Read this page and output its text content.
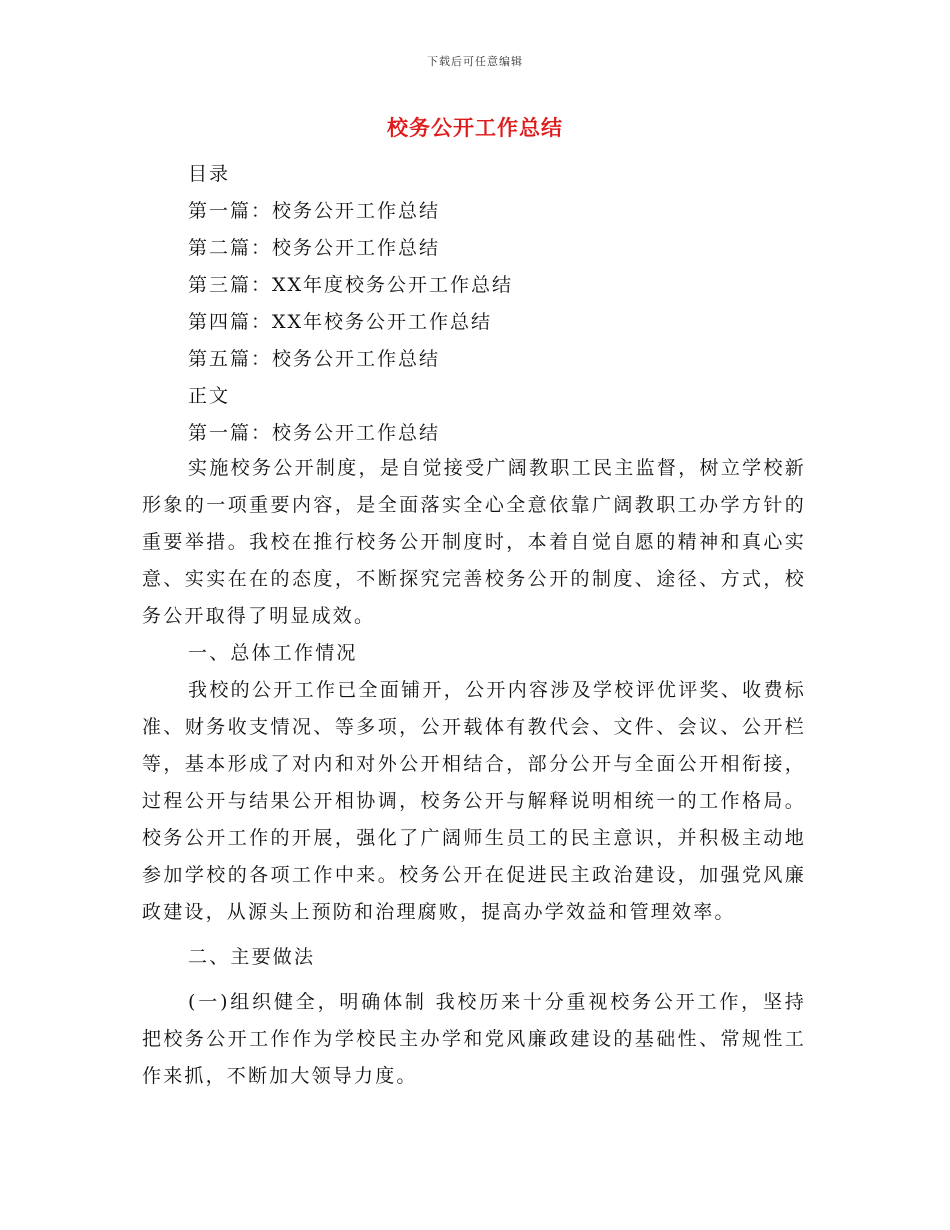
下载后可任意编辑
校务公开工作总结
目录
第一篇：校务公开工作总结
第二篇：校务公开工作总结
第三篇：XX年度校务公开工作总结
第四篇：XX年校务公开工作总结
第五篇：校务公开工作总结
正文
第一篇：校务公开工作总结

实施校务公开制度，是自觉接受广阔教职工民主监督，树立学校新形象的一项重要内容，是全面落实全心全意依靠广阔教职工办学方针的重要举措。我校在推行校务公开制度时，本着自觉自愿的精神和真心实意、实实在在的态度，不断探究完善校务公开的制度、途径、方式，校务公开取得了明显成效。

一、总体工作情况

我校的公开工作已全面铺开，公开内容涉及学校评优评奖、收费标准、财务收支情况、等多项，公开载体有教代会、文件、会议、公开栏等，基本形成了对内和对外公开相结合，部分公开与全面公开相衔接，过程公开与结果公开相协调，校务公开与解释说明相统一的工作格局。校务公开工作的开展，强化了广阔师生员工的民主意识，并积极主动地参加学校的各项工作中来。校务公开在促进民主政治建设，加强党风廉政建设，从源头上预防和治理腐败，提高办学效益和管理效率。

二、主要做法

(一)组织健全，明确体制 我校历来十分重视校务公开工作，坚持把校务公开工作作为学校民主办学和党风廉政建设的基础性、常规性工作来抓，不断加大领导力度。
